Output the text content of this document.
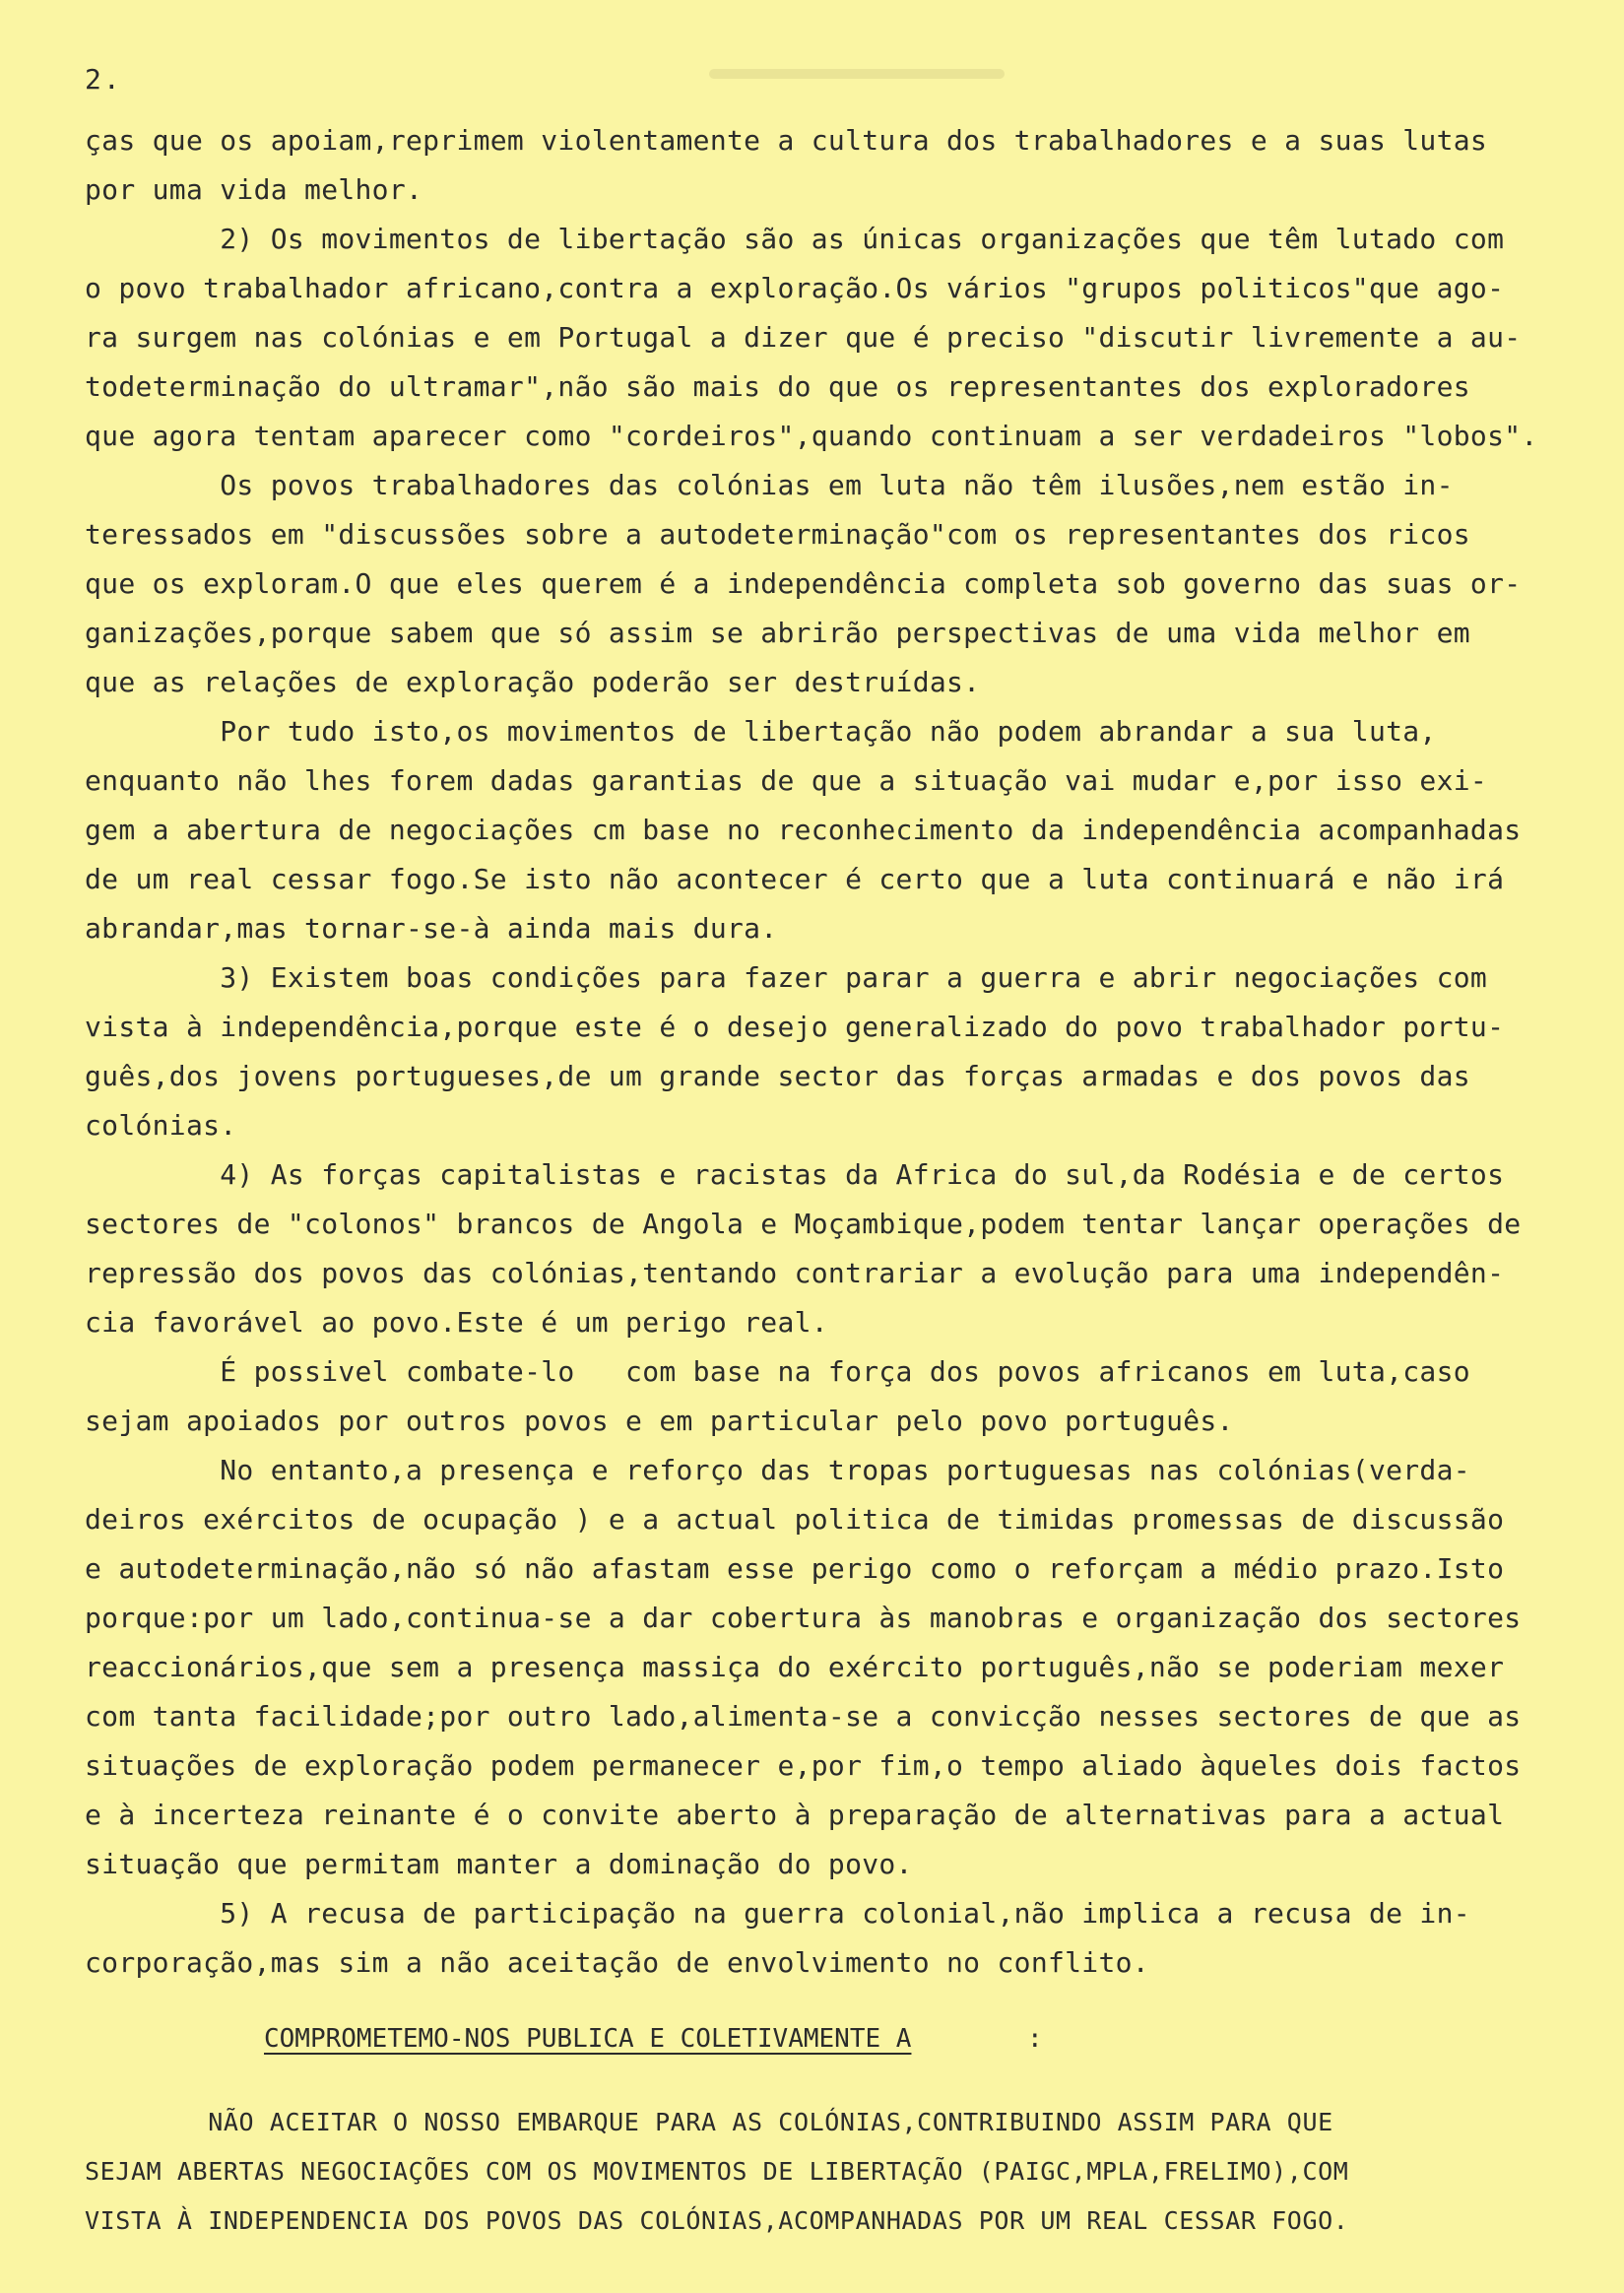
2.
ças que os apoiam,reprimem violentamente a cultura dos trabalhadores e a suas lutas
por uma vida melhor.
2) Os movimentos de libertação são as únicas organizações que têm lutado com
o povo trabalhador africano,contra a exploração.Os vários "grupos politicos"que ago-
ra surgem nas colónias e em Portugal a dizer que é preciso "discutir livremente a au-
todeterminação do ultramar",não são mais do que os representantes dos exploradores
que agora tentam aparecer como "cordeiros",quando continuam a ser verdadeiros "lobos".
Os povos trabalhadores das colónias em luta não têm ilusões,nem estão in-
teressados em "discussões sobre a autodeterminação"com os representantes dos ricos
que os exploram.O que eles querem é a independência completa sob governo das suas or-
ganizações,porque sabem que só assim se abrirão perspectivas de uma vida melhor em
que as relações de exploração poderão ser destruídas.
Por tudo isto,os movimentos de libertação não podem abrandar a sua luta,
enquanto não lhes forem dadas garantias de que a situação vai mudar e,por isso exi-
gem a abertura de negociações cm base no reconhecimento da independência acompanhadas
de um real cessar fogo.Se isto não acontecer é certo que a luta continuará e não irá
abrandar,mas tornar-se-à ainda mais dura.
3) Existem boas condições para fazer parar a guerra e abrir negociações com
vista à independência,porque este é o desejo generalizado do povo trabalhador portu-
guês,dos jovens portugueses,de um grande sector das forças armadas e dos povos das
colónias.
4) As forças capitalistas e racistas da Africa do sul,da Rodésia e de certos
sectores de "colonos" brancos de Angola e Moçambique,podem tentar lançar operações de
repressão dos povos das colónias,tentando contrariar a evolução para uma independên-
cia favorável ao povo.Este é um perigo real.
É possivel combate-lo   com base na força dos povos africanos em luta,caso
sejam apoiados por outros povos e em particular pelo povo português.
No entanto,a presença e reforço das tropas portuguesas nas colónias(verda-
deiros exércitos de ocupação ) e a actual politica de timidas promessas de discussão
e autodeterminação,não só não afastam esse perigo como o reforçam a médio prazo.Isto
porque:por um lado,continua-se a dar cobertura às manobras e organização dos sectores
reaccionários,que sem a presença massiça do exército português,não se poderiam mexer
com tanta facilidade;por outro lado,alimenta-se a convicção nesses sectores de que as
situações de exploração podem permanecer e,por fim,o tempo aliado àqueles dois factos
e à incerteza reinante é o convite aberto à preparação de alternativas para a actual
situação que permitam manter a dominação do povo.
5) A recusa de participação na guerra colonial,não implica a recusa de in-
corporação,mas sim a não aceitação de envolvimento no conflito.
COMPROMETEMO-NOS PUBLICA E COLETIVAMENTE A	:
NÃO ACEITAR O NOSSO EMBARQUE PARA AS COLÓNIAS,CONTRIBUINDO ASSIM PARA QUE
SEJAM ABERTAS NEGOCIAÇÕES COM OS MOVIMENTOS DE LIBERTAÇÃO (PAIGC,MPLA,FRELIMO),COM
VISTA À INDEPENDENCIA DOS POVOS DAS COLÓNIAS,ACOMPANHADAS POR UM REAL CESSAR FOGO.
